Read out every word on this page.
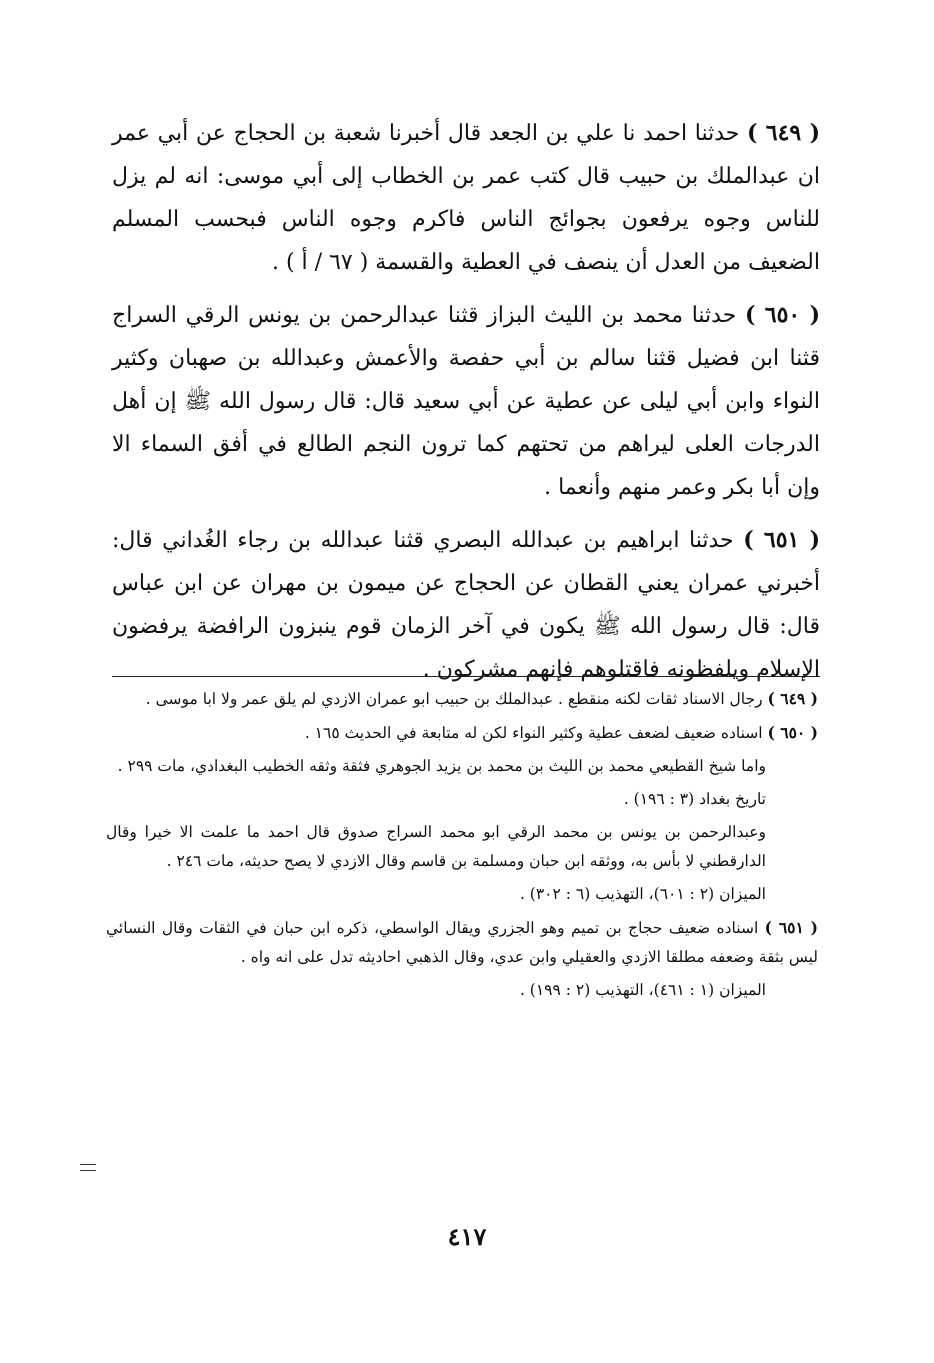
( ٦٤٩ ) حدثنا احمد نا علي بن الجعد قال أخبرنا شعبة بن الحجاج عن أبي عمر ان عبدالملك بن حبيب قال كتب عمر بن الخطاب إلى أبي موسى: انه لم يزل للناس وجوه يرفعون بجوائج الناس فاكرم وجوه الناس فبحسب المسلم الضعيف من العدل أن ينصف في العطية والقسمة ( ٦٧ / أ ) .

( ٦٥٠ ) حدثنا محمد بن الليث البزاز قثنا عبدالرحمن بن يونس الرقي السراج قثنا ابن فضيل قثنا سالم بن أبي حفصة والأعمش وعبدالله بن صهبان وكثير النواء وابن أبي ليلى عن عطية عن أبي سعيد قال: قال رسول الله ﷺ إن أهل الدرجات العلى ليراهم من تحتهم كما ترون النجم الطالع في أفق السماء الا وإن أبا بكر وعمر منهم وأنعما .

( ٦٥١ ) حدثنا ابراهيم بن عبدالله البصري قثنا عبدالله بن رجاء الغُداني قال: أخبرني عمران يعني القطان عن الحجاج عن ميمون بن مهران عن ابن عباس قال: قال رسول الله ﷺ يكون في آخر الزمان قوم ينبزون الرافضة يرفضون الإسلام ويلفظونه فاقتلوهم فإنهم مشركون .

( ٦٤٩ ) رجال الاسناد ثقات لكنه منقطع . عبدالملك بن حبيب ابو عمران الازدي لم يلق عمر ولا ابا موسى .

( ٦٥٠ ) اسناده ضعيف لضعف عطية وكثير النواء لكن له متابعة في الحديث ١٦٥ .

واما شيخ القطيعي محمد بن الليث بن محمد بن يزيد الجوهري فثقة وثقه الخطيب البغدادي، مات ٢٩٩ .

تاريخ بغداد (٣ : ١٩٦) .

وعبدالرحمن بن يونس بن محمد الرقي ابو محمد السراج صدوق قال احمد ما علمت الا خيرا وقال الدارقطني لا بأس به، ووثقه ابن حبان ومسلمة بن قاسم وقال الازدي لا يصح حديثه، مات ٢٤٦ .

الميزان (٢ : ٦٠١)، التهذيب (٦ : ٣٠٢) .

( ٦٥١ ) اسناده ضعيف حجاج بن تميم وهو الجزري ويقال الواسطي، ذكره ابن حبان في الثقات وقال النسائي ليس بثقة وضعفه مطلقا الازدي والعقيلي وابن عدي، وقال الذهبي احاديثه تدل على انه واه .

الميزان (١ : ٤٦١)، التهذيب (٢ : ١٩٩) .

٤١٧
